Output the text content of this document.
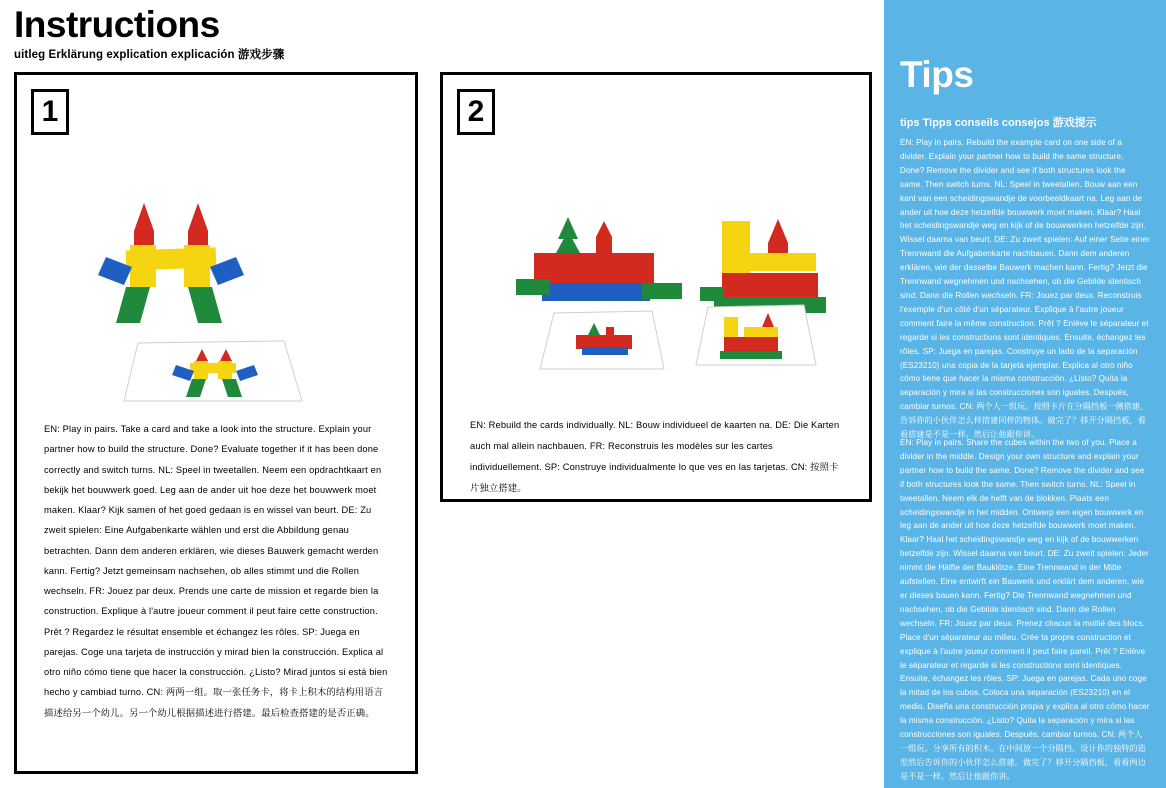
Instructions
uitleg Erklärung explication explicación 游戏步骤
1
EN: Play in pairs. Take a card and take a look into the structure. Explain your partner how to build the structure. Done? Evaluate together if it has been done correctly and switch turns. NL: Speel in tweetallen. Neem een opdrachtkaart en bekijk het bouwwerk goed. Leg aan de ander uit hoe deze het bouwwerk moet maken. Klaar? Kijk samen of het goed gedaan is en wissel van beurt. DE: Zu zweit spielen: Eine Aufgabenkarte wählen und erst die Abbildung genau betrachten. Dann dem anderen erklären, wie dieses Bauwerk gemacht werden kann. Fertig? Jetzt gemeinsam nachsehen, ob alles stimmt und die Rollen wechseln. FR: Jouez par deux. Prends une carte de mission et regarde bien la construction. Explique à l'autre joueur comment il peut faire cette construction. Prêt ? Regardez le résultat ensemble et échangez les rôles. SP: Juega en parejas. Coge una tarjeta de instrucción y mirad bien la construcción. Explica al otro niño cómo tiene que hacer la construcción. ¿Listo? Mirad juntos si está bien hecho y cambiad turno. CN: 两两一组。取一张任务卡，将卡上积木的结构用语言描述给另一个幼儿。另一个幼儿根据描述进行搭建。最后检查搭建的是否正确。
2
EN: Rebuild the cards individually. NL: Bouw individueel de kaarten na. DE: Die Karten auch mal allein nachbauen. FR: Reconstruis les modèles sur les cartes individuellement. SP: Construye individualmente lo que ves en las tarjetas. CN: 按照卡片独立搭建。
Tips
tips Tipps conseils consejos 游戏提示
EN: Play in pairs. Rebuild the example card on one side of a divider. Explain your partner how to build the same structure. Done? Remove the divider and see if both structures look the same. Then switch turns. NL: Speel in tweetallen. Bouw aan een kant van een scheidingswandje de voorbeeldkaart na. Leg aan de ander uit hoe deze hetzelfde bouwwerk moet maken. Klaar? Haal het scheidingswandje weg en kijk of de bouwwerken hetzelfde zijn. Wissel daarna van beurt. DE: Zu zweit spielen: Auf einer Seite einer Trennwand die Aufgabenkarte nachbauen. Dann dem anderen erklären, wie der dasselbe Bauwerk machen kann. Fertig? Jetzt die Trennwand wegnehmen und nachsehen, ob die Gebilde identisch sind. Dann die Rollen wechseln. FR: Jouez par deux. Reconstruis l'exemple d'un côté d'un séparateur. Explique à l'autre joueur comment faire la même construction. Prêt ? Enlève le séparateur et regarde si les constructions sont identiques. Ensuite, échangez les rôles. SP: Juega en parejas. Construye un lado de la separación (ES23210) una copia de la tarjeta ejemplar. Explica al otro niño cómo tiene que hacer la misma construcción. ¿Listo? Quita la separación y mira si las construcciones son iguales. Después, cambiar turnos. CN: 两个人一组玩。按照卡片在分隔挡板一侧搭建。告诉你的小伙伴怎么样搭建同样的物体。做完了？移开分隔挡板，看看搭建是不是一样。然后让他跟你讲。
EN: Play in pairs. Share the cubes within the two of you. Place a divider in the middle. Design your own structure and explain your partner how to build the same. Done? Remove the divider and see if both structures look the same. Then switch turns. NL: Speel in tweetallen. Neem elk de helft van de blokken. Plaats een scheidingswandje in het midden. Ontwerp een eigen bouwwerk en leg aan de ander uit hoe deze hetzelfde bouwwerk moet maken. Klaar? Haal het scheidingswandje weg en kijk of de bouwwerken hetzelfde zijn. Wissel daarna van beurt. DE: Zu zweit spielen: Jeder nimmt die Hälfte der Bauklötze. Eine Trennwand in der Mitte aufstellen. Eine entwirft ein Bauwerk und erklärt dem anderen, wie er dieses bauen kann. Fertig? Die Trennwand wegnehmen und nachsehen, ob die Gebilde identisch sind. Dann die Rollen wechseln. FR: Jouez par deux. Prenez chacun la moitié des blocs. Place d'un séparateur au milieu. Crée ta propre construction et explique à l'autre joueur comment il peut faire pareil. Prêt ? Enlève le séparateur et regarde si les constructions sont identiques. Ensuite, échangez les rôles. SP: Juega en parejas. Cada uno coge la mitad de los cubos. Coloca una separación (ES23210) en el medio. Diseña una construcción propia y explica al otro cómo hacer la misma construcción. ¿Listo? Quita la separación y mira si las construcciones son iguales. Después, cambiar turnos. CN: 两个人一组玩。分享所有的积木。在中间放一个分隔挡。设计你的独特的造型然后告诉你的小伙伴怎么搭建。做完了？移开分隔挡板，看看两边是不是一样。然后让他跟你讲。
